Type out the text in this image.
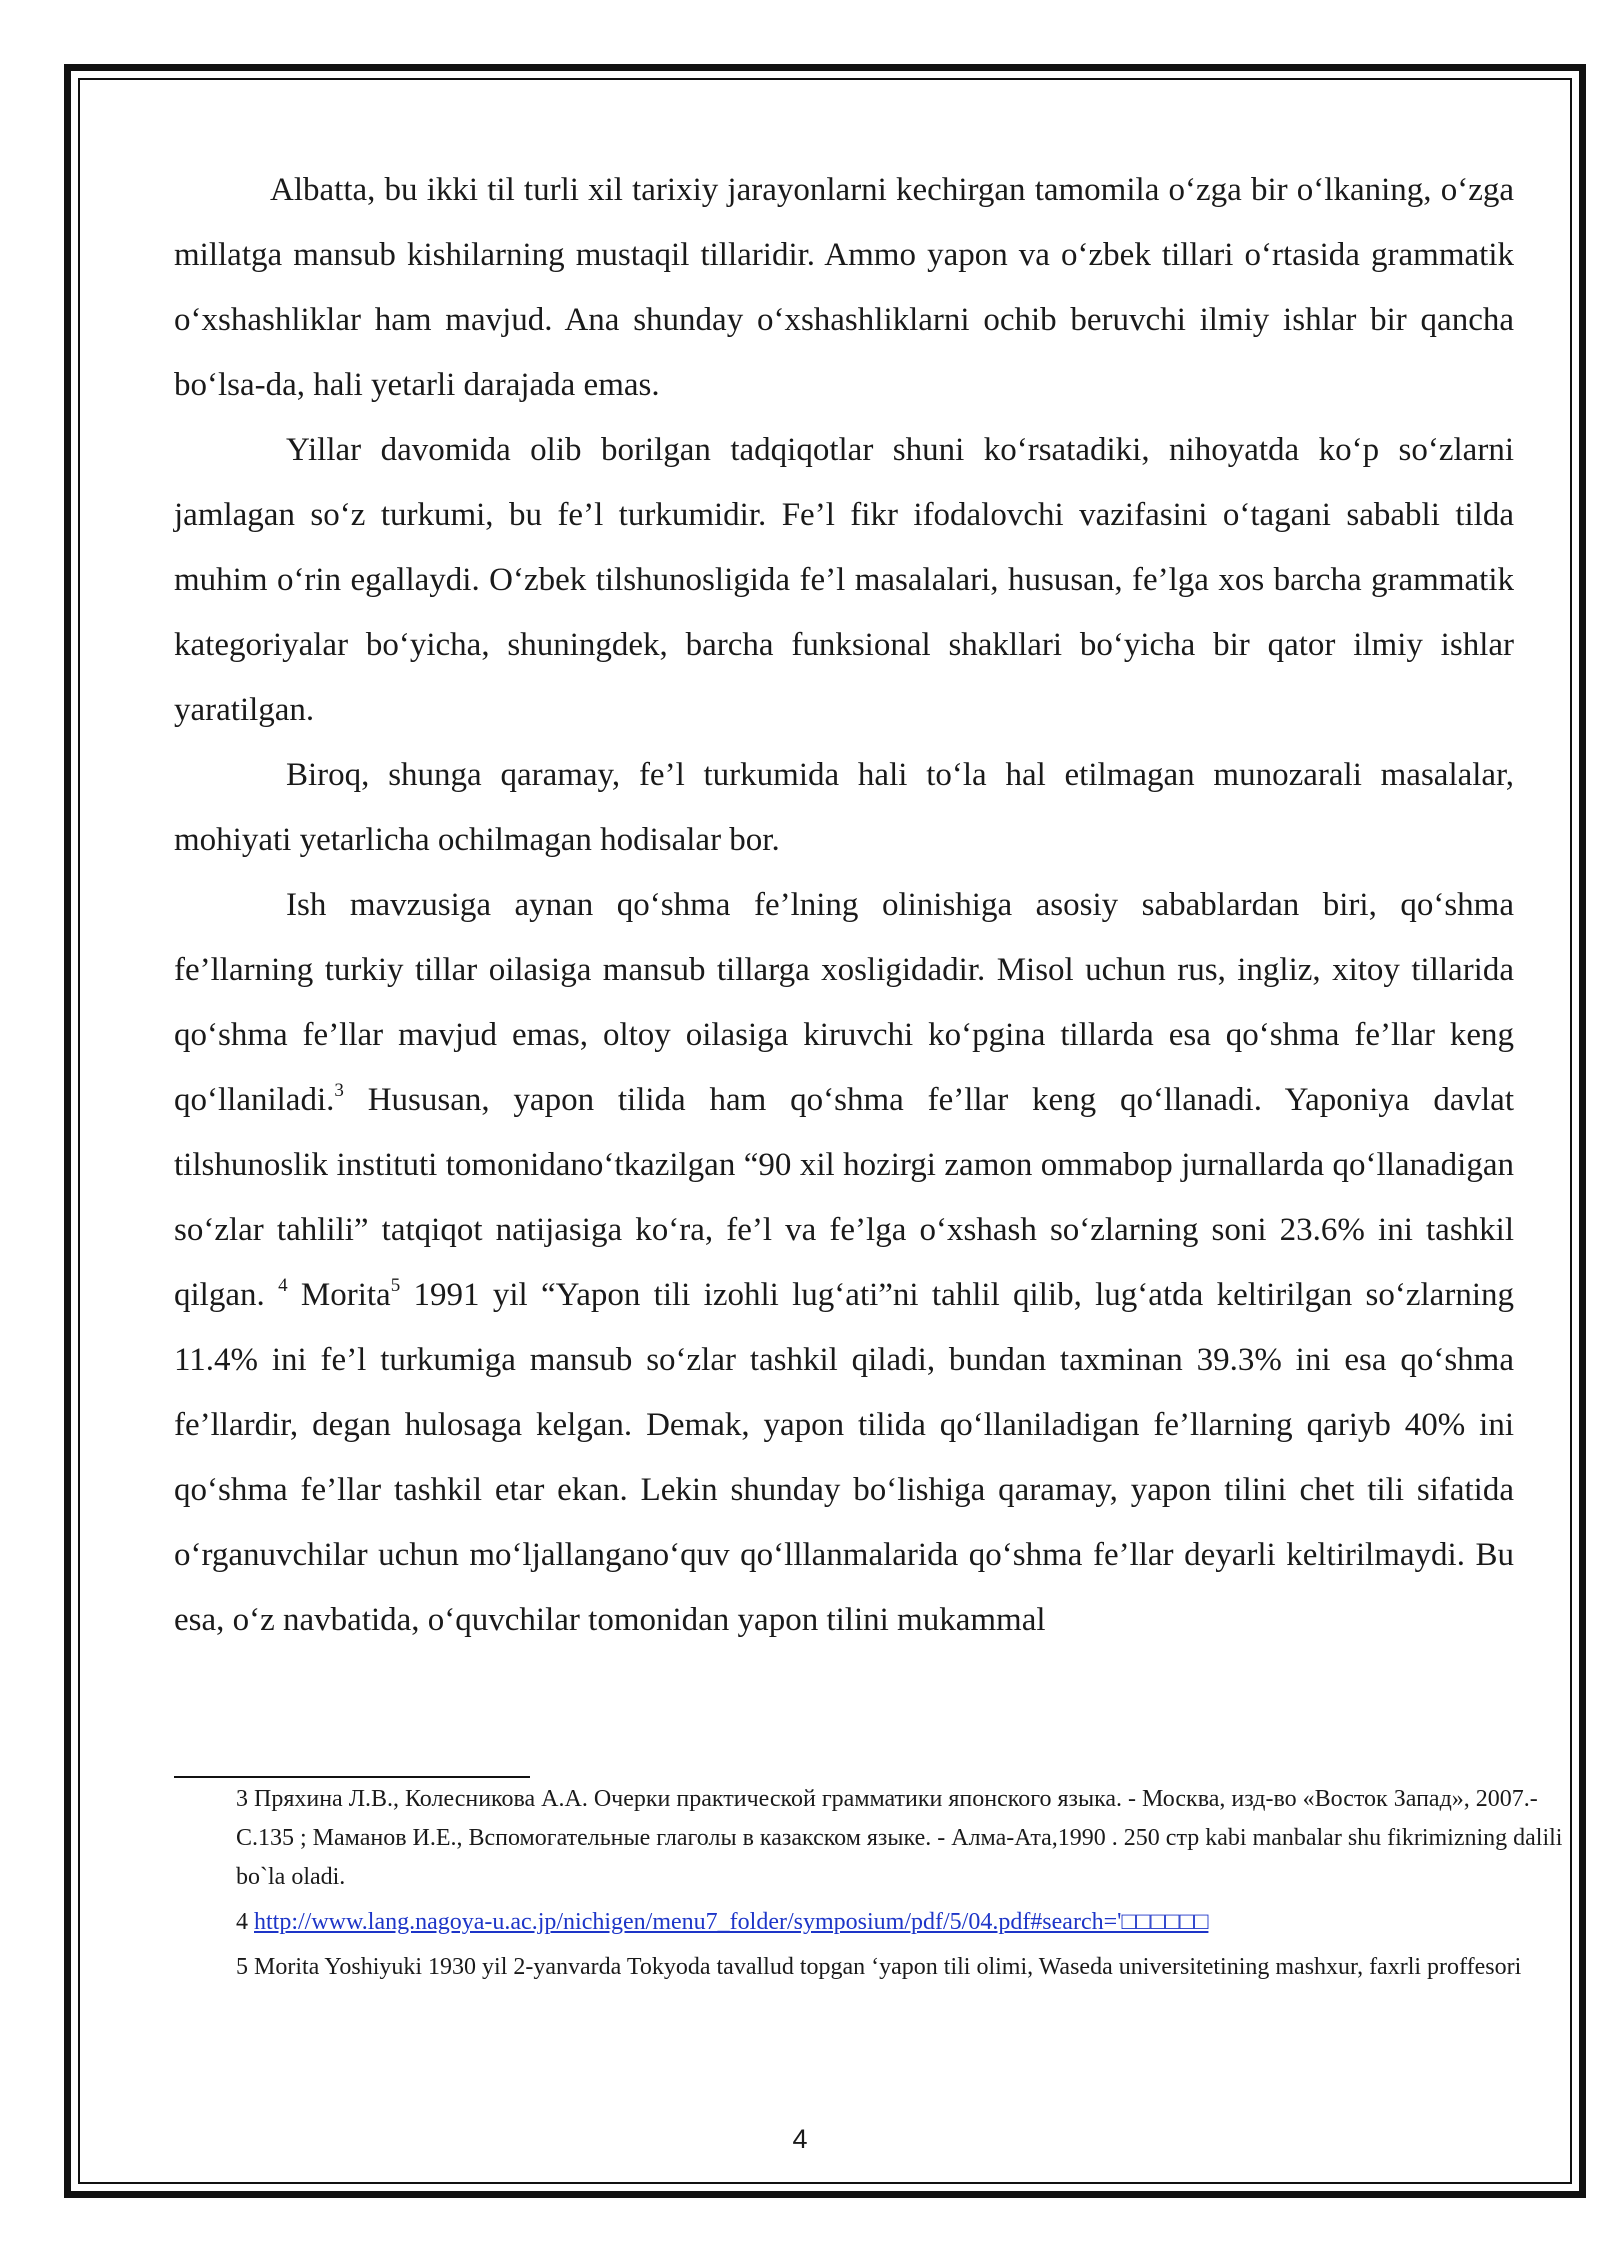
Albatta, bu ikki til turli xil tarixiy jarayonlarni kechirgan tamomila o‘zga bir o‘lkaning, o‘zga millatga mansub kishilarning mustaqil tillaridir. Ammo yapon va o‘zbek tillari o‘rtasida grammatik o‘xshashliklar ham mavjud. Ana shunday o‘xshashliklarni ochib beruvchi ilmiy ishlar bir qancha bo‘lsa-da, hali yetarli darajada emas.

Yillar davomida olib borilgan tadqiqotlar shuni ko‘rsatadiki, nihoyatda ko‘p so‘zlarni jamlagan so‘z turkumi, bu fe’l turkumidir. Fe’l fikr ifodalovchi vazifasini o‘tagani sababli tilda muhim o‘rin egallaydi. O‘zbek tilshunosligida fe’l masalalari, hususan, fe’lga xos barcha grammatik kategoriyalar bo‘yicha, shuningdek, barcha funksional shakllari bo‘yicha bir qator ilmiy ishlar yaratilgan.

Biroq, shunga qaramay, fe’l turkumida hali to‘la hal etilmagan munozarali masalalar, mohiyati yetarlicha ochilmagan hodisalar bor.

Ish mavzusiga aynan qo‘shma fe’lning olinishiga asosiy sabablardan biri, qo‘shma fe’llarning turkiy tillar oilasiga mansub tillarga xosligidadir. Misol uchun rus, ingliz, xitoy tillarida qo‘shma fe’llar mavjud emas, oltoy oilasiga kiruvchi ko‘pgina tillarda esa qo‘shma fe’llar keng qo‘llaniladi.$^3$ Hususan, yapon tilida ham qo‘shma fe’llar keng qo‘llanadi. Yaponiya davlat tilshunoslik instituti tomonidano‘tkazilgan “90 xil hozirgi zamon ommabop jurnallarda qo‘llanadigan so‘zlar tahlili” tatqiqot natijasiga ko‘ra, fe’l va fe’lga o‘xshash so‘zlarning soni 23.6% ini tashkil qilgan. $^4$ Morita$^5$ 1991 yil “Yapon tili izohli lug‘ati”ni tahlil qilib, lug‘atda keltirilgan so‘zlarning 11.4% ini fe’l turkumiga mansub so‘zlar tashkil qiladi, bundan taxminan 39.3% ini esa qo‘shma fe’llardir, degan hulosaga kelgan. Demak, yapon tilida qo‘llaniladigan fe’llarning qariyb 40% ini qo‘shma fe’llar tashkil etar ekan. Lekin shunday bo‘lishiga qaramay, yapon tilini chet tili sifatida o‘rganuvchilar uchun mo‘ljallangano‘quv qo‘lllanmalarida qo‘shma fe’llar deyarli keltirilmaydi. Bu esa, o‘z navbatida, o‘quvchilar tomonidan yapon tilini mukammal

3 Пряхина Л.В., Колесникова А.А. Очерки практической грамматики японского языка. - Москва, изд-во «Восток Запад», 2007.- С.135 ; Маманов И.Е., Вспомогательные глаголы в казакском языке. - Алма-Ата,1990 . 250 стр kabi manbalar shu fikrimizning dalili bo`la oladi.

4 http://www.lang.nagoya-u.ac.jp/nichigen/menu7_folder/symposium/pdf/5/04.pdf#search='□□□□□□

5 Morita Yoshiyuki 1930 yil 2-yanvarda Tokyoda tavallud topgan ‘yapon tili olimi, Waseda universitetining mashxur, faxrli proffesori

4
